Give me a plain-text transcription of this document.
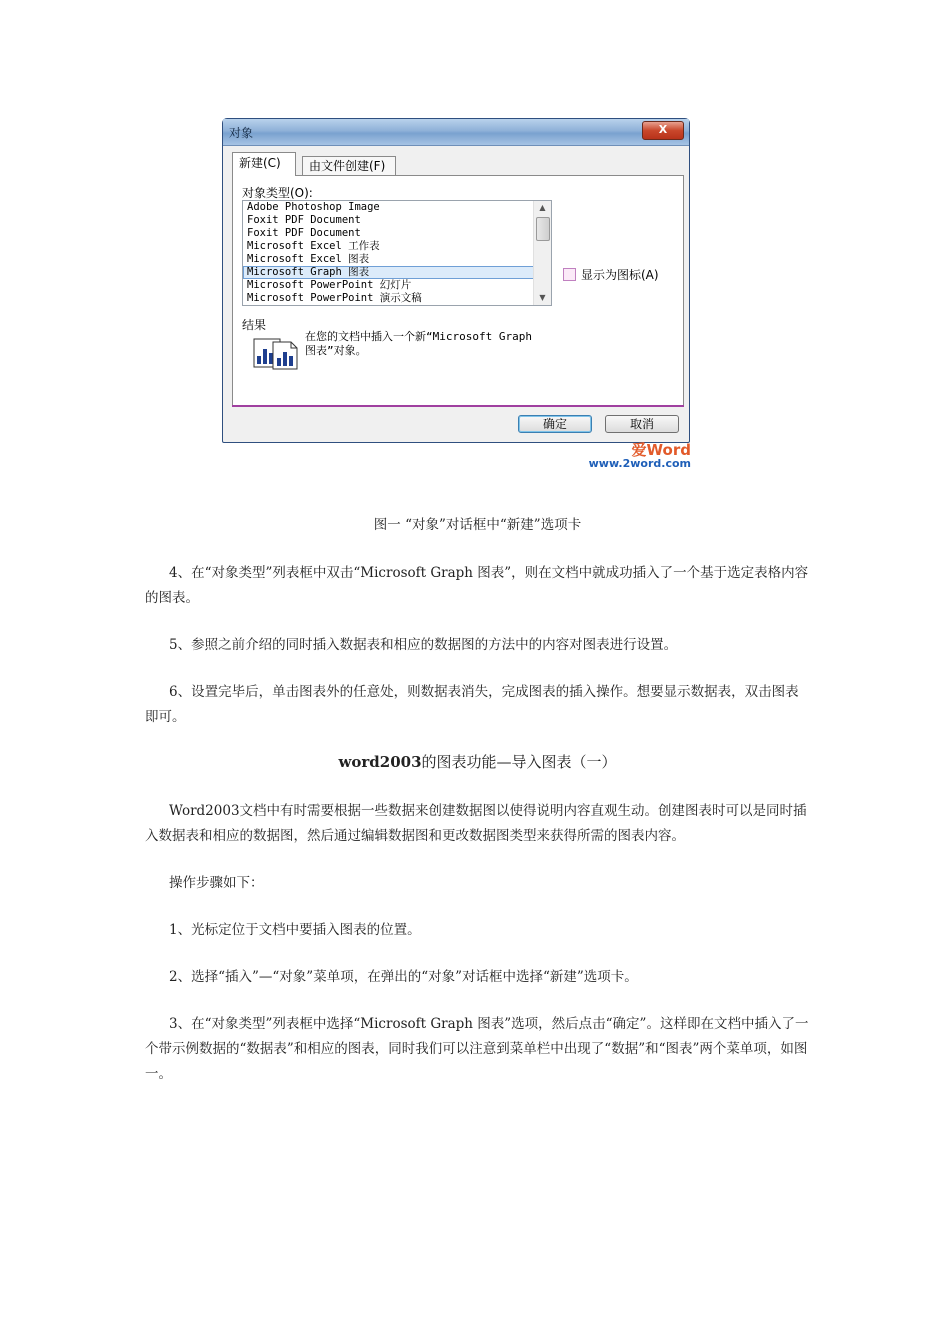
对象	X
新建(C)	由文件创建(F)
对象类型(O):
Adobe Photoshop Image
Foxit PDF Document
Foxit PDF Document
Microsoft Excel 工作表
Microsoft Excel 图表
Microsoft Graph 图表
Microsoft PowerPoint 幻灯片
Microsoft PowerPoint 演示文稿
▲
▼
显示为图标(A)
结果
在您的文档中插入一个新“Microsoft Graph 图表”对象。
爱Word
www.2word.com
确定	取消
图一 “对象”对话框中“新建”选项卡

4、在“对象类型”列表框中双击“Microsoft Graph 图表”，则在文档中就成功插入了一个基于选定表格内容的图表。

5、参照之前介绍的同时插入数据表和相应的数据图的方法中的内容对图表进行设置。

6、设置完毕后，单击图表外的任意处，则数据表消失，完成图表的插入操作。想要显示数据表，双击图表即可。

word2003的图表功能—导入图表（一）

Word2003文档中有时需要根据一些数据来创建数据图以使得说明内容直观生动。创建图表时可以是同时插入数据表和相应的数据图，然后通过编辑数据图和更改数据图类型来获得所需的图表内容。

操作步骤如下：

1、光标定位于文档中要插入图表的位置。

2、选择“插入”—“对象”菜单项，在弹出的“对象”对话框中选择“新建”选项卡。

3、在“对象类型”列表框中选择“Microsoft Graph 图表”选项，然后点击“确定”。这样即在文档中插入了一个带示例数据的“数据表”和相应的图表，同时我们可以注意到菜单栏中出现了“数据”和“图表”两个菜单项，如图一。
